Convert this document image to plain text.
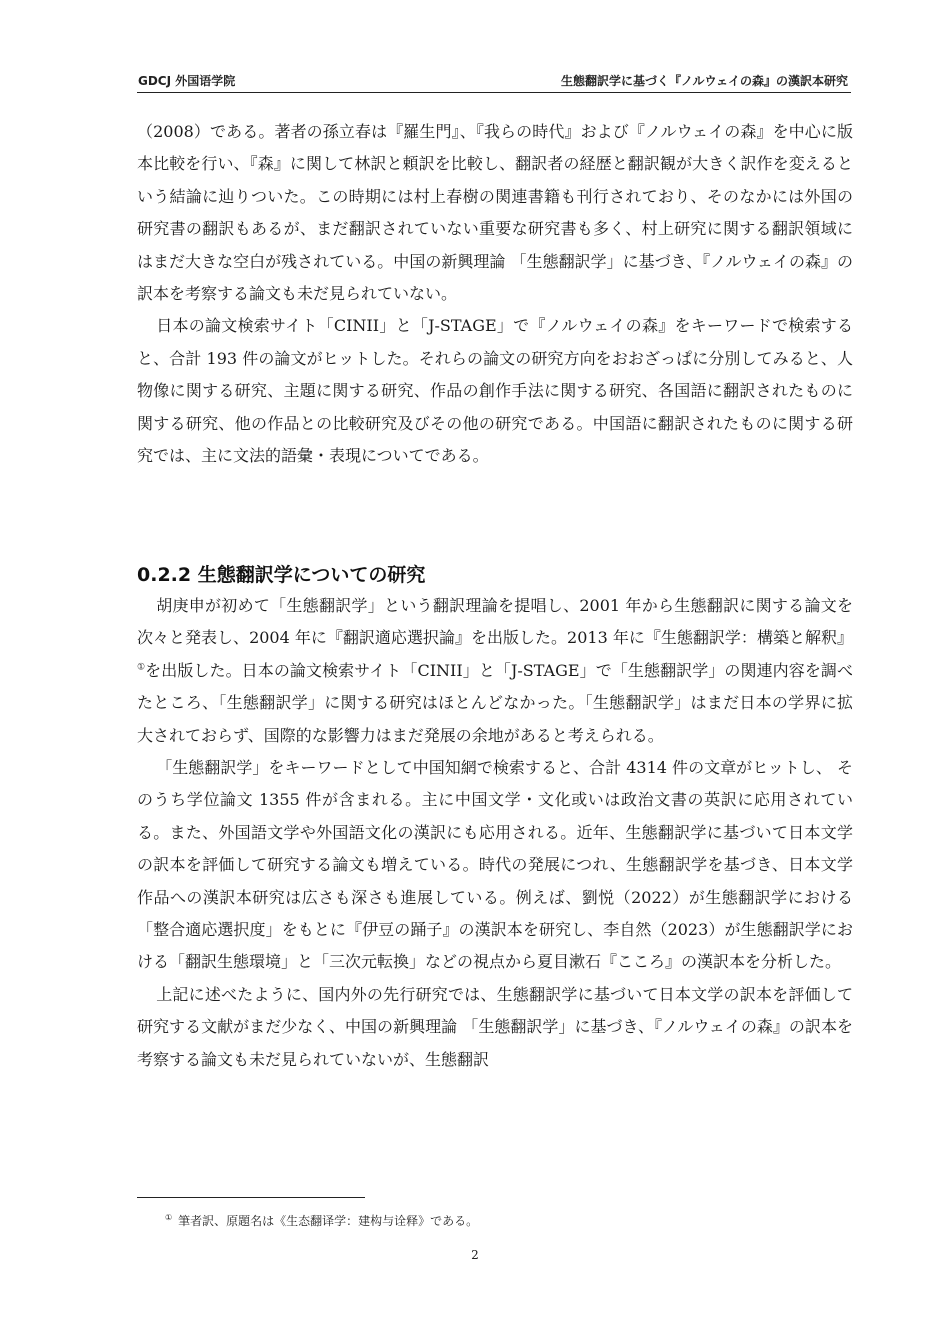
GDCJ 外国语学院	生態翻訳学に基づく『ノルウェイの森』の漢訳本研究

（2008）である。著者の孫立春は『羅生門』、『我らの時代』および『ノルウェイの森』を中心に版本比較を行い、『森』に関して林訳と頼訳を比較し、翻訳者の経歴と翻訳観が大きく訳作を変えるという結論に辿りついた。この時期には村上春樹の関連書籍も刊行されており、そのなかには外国の研究書の翻訳もあるが、まだ翻訳されていない重要な研究書も多く、村上研究に関する翻訳領域にはまだ大きな空白が残されている。中国の新興理論 「生態翻訳学」に基づき、『ノルウェイの森』の訳本を考察する論文も未だ見られていない。

日本の論文検索サイト「CINII」と「J-STAGE」で『ノルウェイの森』をキーワードで検索すると、合計 193 件の論文がヒットした。それらの論文の研究方向をおおざっぱに分別してみると、人物像に関する研究、主題に関する研究、作品の創作手法に関する研究、各国語に翻訳されたものに関する研究、他の作品との比較研究及びその他の研究である。中国語に翻訳されたものに関する研究では、主に文法的語彙・表現についてである。

0.2.2 生態翻訳学についての研究

胡庚申が初めて「生態翻訳学」という翻訳理論を提唱し、2001 年から生態翻訳に関する論文を次々と発表し、2004 年に『翻訳適応選択論』を出版した。2013 年に『生態翻訳学：構築と解釈』①を出版した。日本の論文検索サイト「CINII」と「J-STAGE」で「生態翻訳学」の関連内容を調べたところ、「生態翻訳学」に関する研究はほとんどなかった。「生態翻訳学」はまだ日本の学界に拡大されておらず、国際的な影響力はまだ発展の余地があると考えられる。

「生態翻訳学」をキーワードとして中国知網で検索すると、合計 4314 件の文章がヒットし、 そのうち学位論文 1355 件が含まれる。主に中国文学・文化或いは政治文書の英訳に応用されている。また、外国語文学や外国語文化の漢訳にも応用される。近年、生態翻訳学に基づいて日本文学の訳本を評価して研究する論文も増えている。時代の発展につれ、生態翻訳学を基づき、日本文学作品への漢訳本研究は広さも深さも進展している。例えば、劉悦（2022）が生態翻訳学における「整合適応選択度」をもとに『伊豆の踊子』の漢訳本を研究し、李自然（2023）が生態翻訳学における「翻訳生態環境」と「三次元転換」などの視点から夏目漱石『こころ』の漢訳本を分析した。

上記に述べたように、国内外の先行研究では、生態翻訳学に基づいて日本文学の訳本を評価して研究する文献がまだ少なく、中国の新興理論 「生態翻訳学」に基づき、『ノルウェイの森』の訳本を考察する論文も未だ見られていないが、生態翻訳

① 筆者訳、原題名は《生态翻译学：建构与诠释》である。

2
